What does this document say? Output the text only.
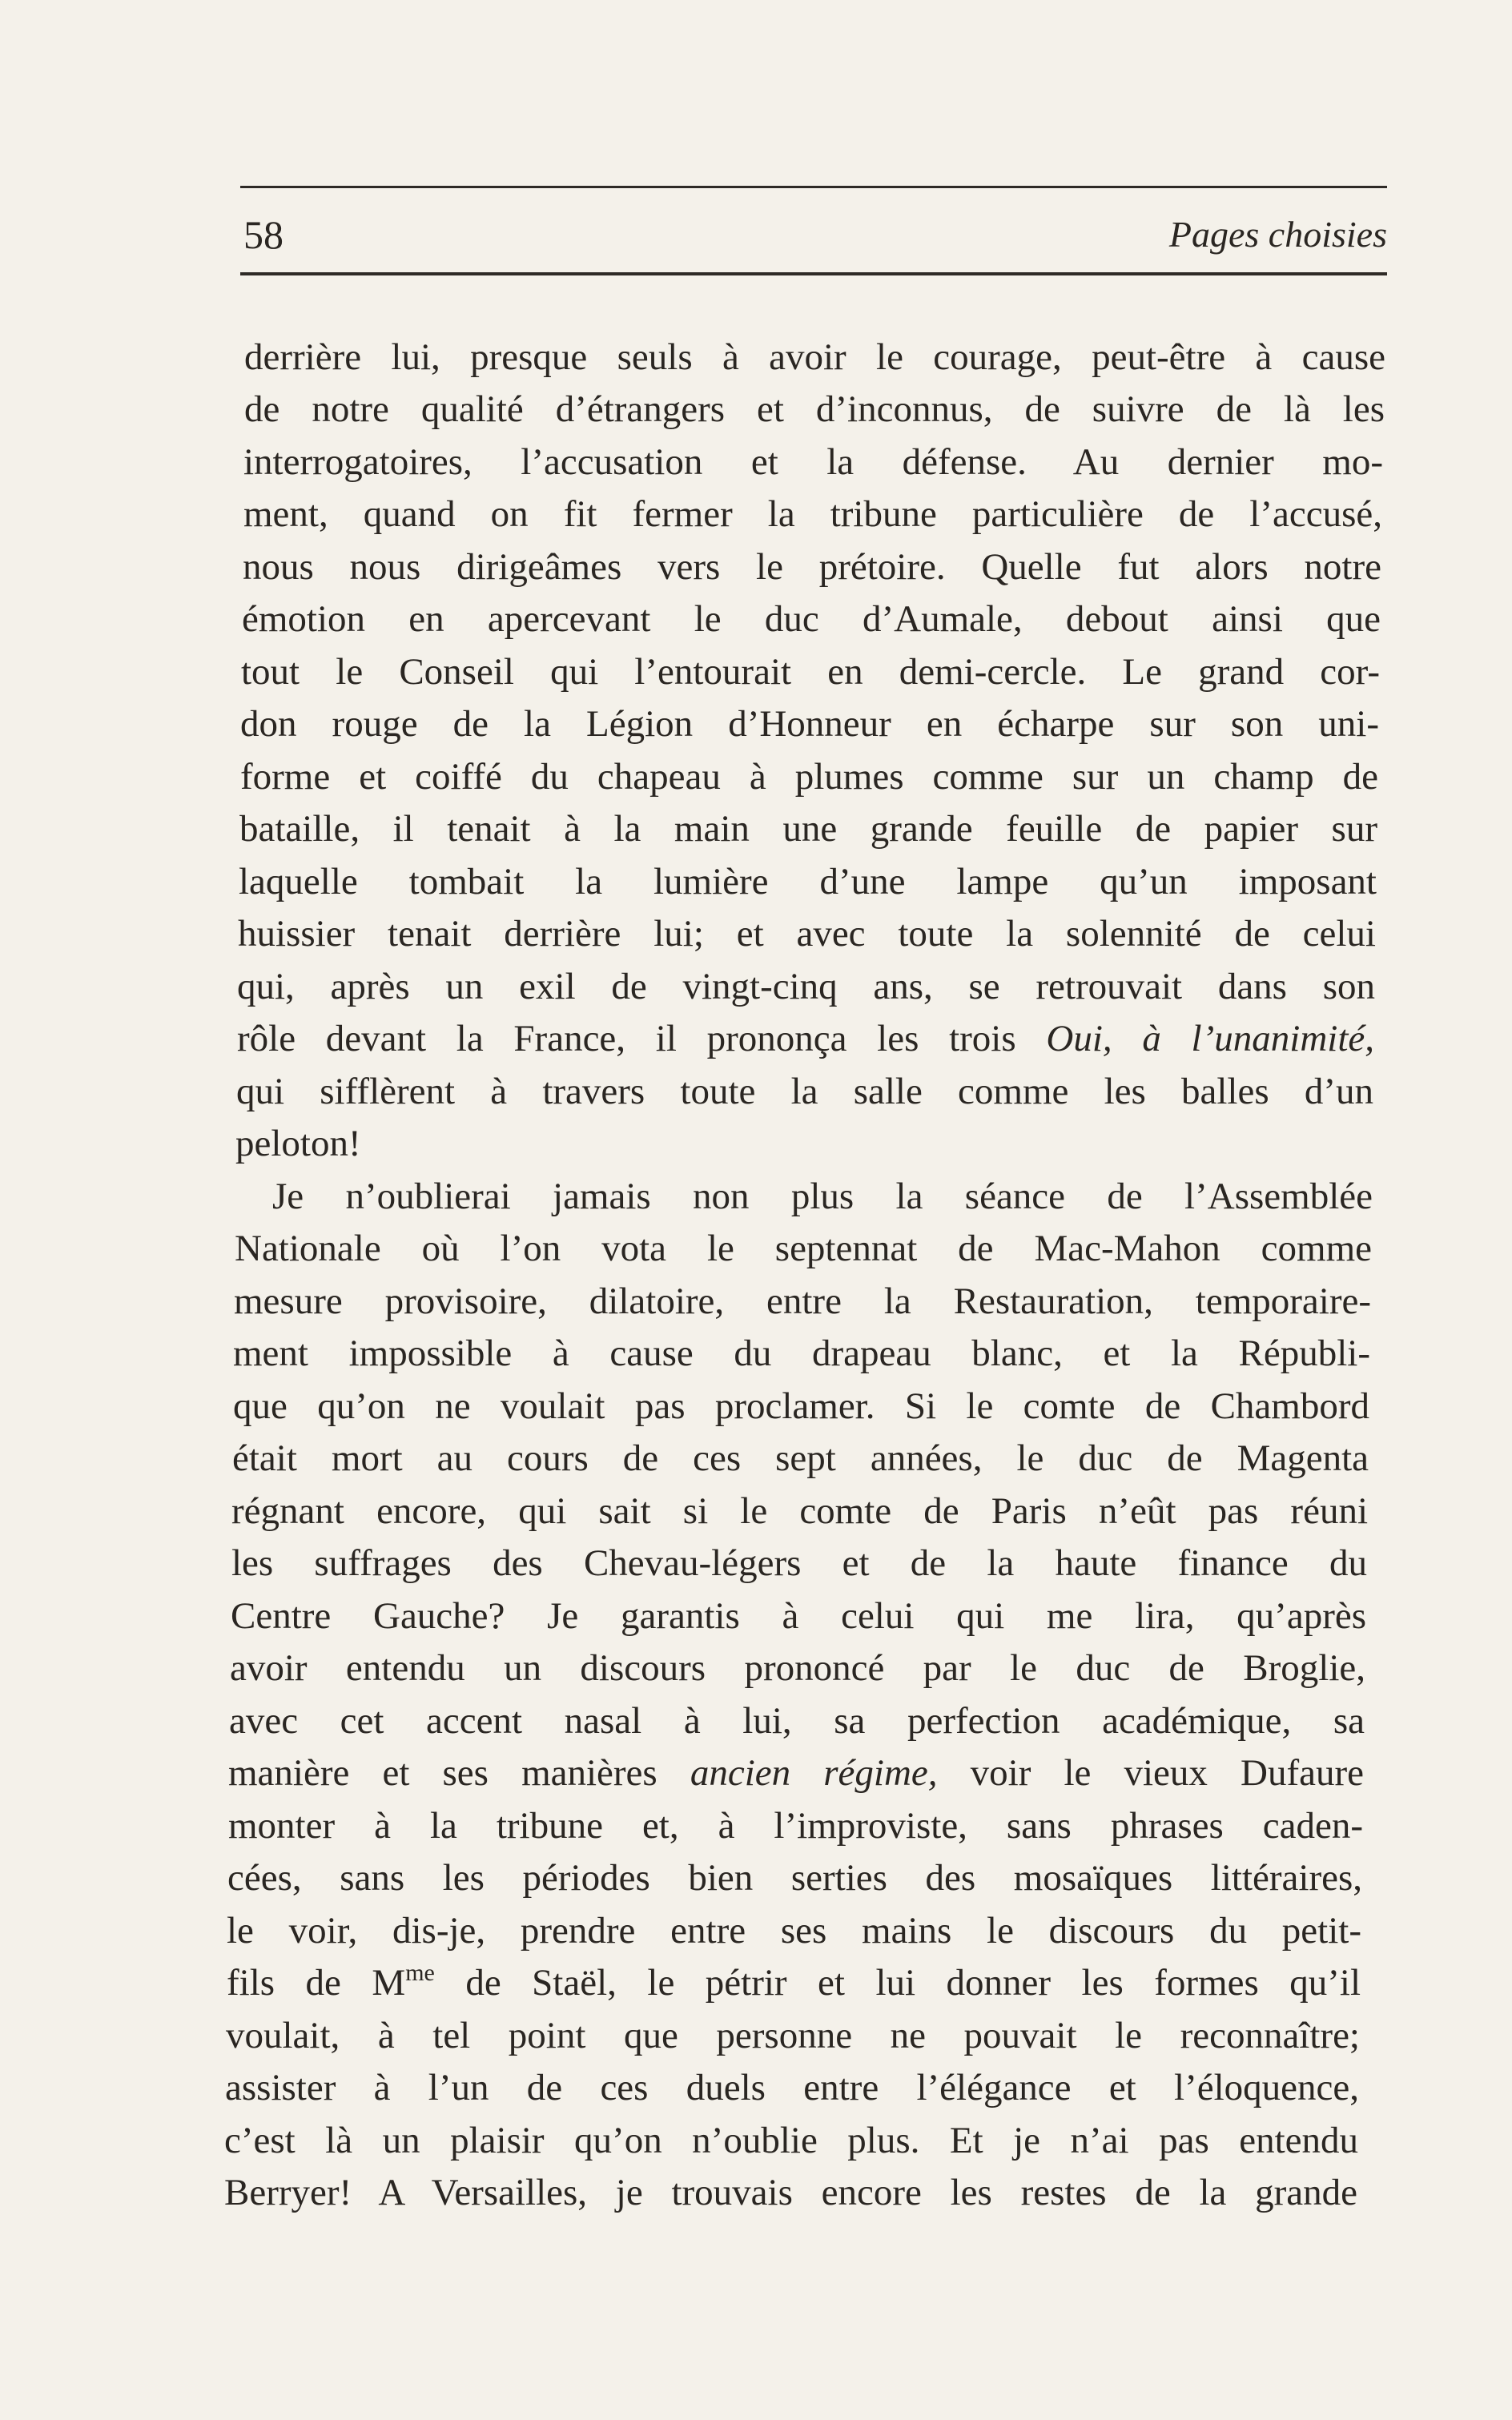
58	Pages choisies
derrière lui, presque seuls à avoir le courage, peut-être à cause
de notre qualité d’étrangers et d’inconnus, de suivre de là les
interrogatoires, l’accusation et la défense. Au dernier mo-
ment, quand on fit fermer la tribune particulière de l’accusé,
nous nous dirigeâmes vers le prétoire. Quelle fut alors notre
émotion en apercevant le duc d’Aumale, debout ainsi que
tout le Conseil qui l’entourait en demi-cercle. Le grand cor-
don rouge de la Légion d’Honneur en écharpe sur son uni-
forme et coiffé du chapeau à plumes comme sur un champ de
bataille, il tenait à la main une grande feuille de papier sur
laquelle tombait la lumière d’une lampe qu’un imposant
huissier tenait derrière lui; et avec toute la solennité de celui
qui, après un exil de vingt-cinq ans, se retrouvait dans son
rôle devant la France, il prononça les trois Oui, à l’unanimité,
qui sifflèrent à travers toute la salle comme les balles d’un
peloton!
Je n’oublierai jamais non plus la séance de l’Assemblée
Nationale où l’on vota le septennat de Mac-Mahon comme
mesure provisoire, dilatoire, entre la Restauration, temporaire-
ment impossible à cause du drapeau blanc, et la Républi-
que qu’on ne voulait pas proclamer. Si le comte de Chambord
était mort au cours de ces sept années, le duc de Magenta
régnant encore, qui sait si le comte de Paris n’eût pas réuni
les suffrages des Chevau-légers et de la haute finance du
Centre Gauche? Je garantis à celui qui me lira, qu’après
avoir entendu un discours prononcé par le duc de Broglie,
avec cet accent nasal à lui, sa perfection académique, sa
manière et ses manières ancien régime, voir le vieux Dufaure
monter à la tribune et, à l’improviste, sans phrases caden-
cées, sans les périodes bien serties des mosaïques littéraires,
le voir, dis-je, prendre entre ses mains le discours du petit-
fils de $M^{me}$ de Staël, le pétrir et lui donner les formes qu’il
voulait, à tel point que personne ne pouvait le reconnaître;
assister à l’un de ces duels entre l’élégance et l’éloquence,
c’est là un plaisir qu’on n’oublie plus. Et je n’ai pas entendu
Berryer! A Versailles, je trouvais encore les restes de la grande
